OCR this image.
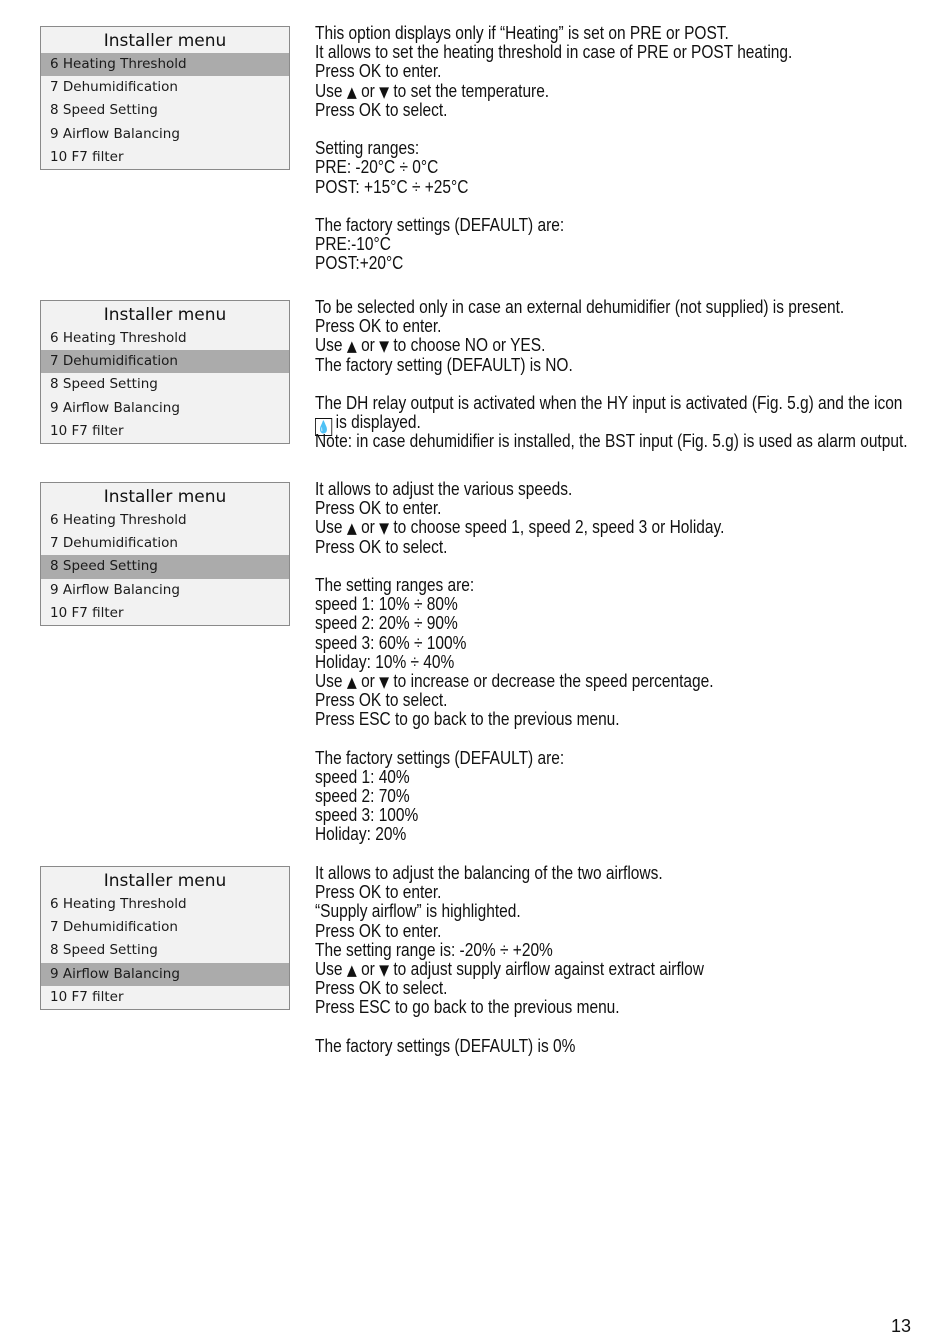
Installer menu
6 Heating Threshold
7 Dehumidification
8 Speed Setting
9 Airflow Balancing
10 F7 filter
Installer menu
6 Heating Threshold
7 Dehumidification
8 Speed Setting
9 Airflow Balancing
10 F7 filter
Installer menu
6 Heating Threshold
7 Dehumidification
8 Speed Setting
9 Airflow Balancing
10 F7 filter
Installer menu
6 Heating Threshold
7 Dehumidification
8 Speed Setting
9 Airflow Balancing
10 F7 filter
This option displays only if “Heating” is set on PRE or POST.
It allows to set the heating threshold in case of PRE or POST heating.
Press OK to enter.
Use ▲ or ▼ to set the temperature.
Press OK to select.
Setting ranges:
PRE: -20°C ÷ 0°C
POST: +15°C ÷ +25°C
The factory settings (DEFAULT) are:
PRE:-10°C
POST:+20°C
To be selected only in case an external dehumidifier (not supplied) is present.
Press OK to enter.
Use ▲ or ▼ to choose NO or YES.
The factory setting (DEFAULT) is NO.
The DH relay output is activated when the HY input is activated (Fig. 5.g) and the icon
💧 is displayed.
Note: in case dehumidifier is installed, the BST input (Fig. 5.g) is used as alarm output.
It allows to adjust the various speeds.
Press OK to enter.
Use ▲ or ▼ to choose speed 1, speed 2, speed 3 or Holiday.
Press OK to select.
The setting ranges are:
speed 1: 10% ÷ 80%
speed 2: 20% ÷ 90%
speed 3: 60% ÷ 100%
Holiday: 10% ÷ 40%
Use ▲ or ▼ to increase or decrease the speed percentage.
Press OK to select.
Press ESC to go back to the previous menu.
The factory settings (DEFAULT) are:
speed 1: 40%
speed 2: 70%
speed 3: 100%
Holiday: 20%
It allows to adjust the balancing of the two airflows.
Press OK to enter.
“Supply airflow” is highlighted.
Press OK to enter.
The setting range is: -20% ÷ +20%
Use ▲ or ▼ to adjust supply airflow against extract airflow
Press OK to select.
Press ESC to go back to the previous menu.
The factory settings (DEFAULT) is 0%
13
